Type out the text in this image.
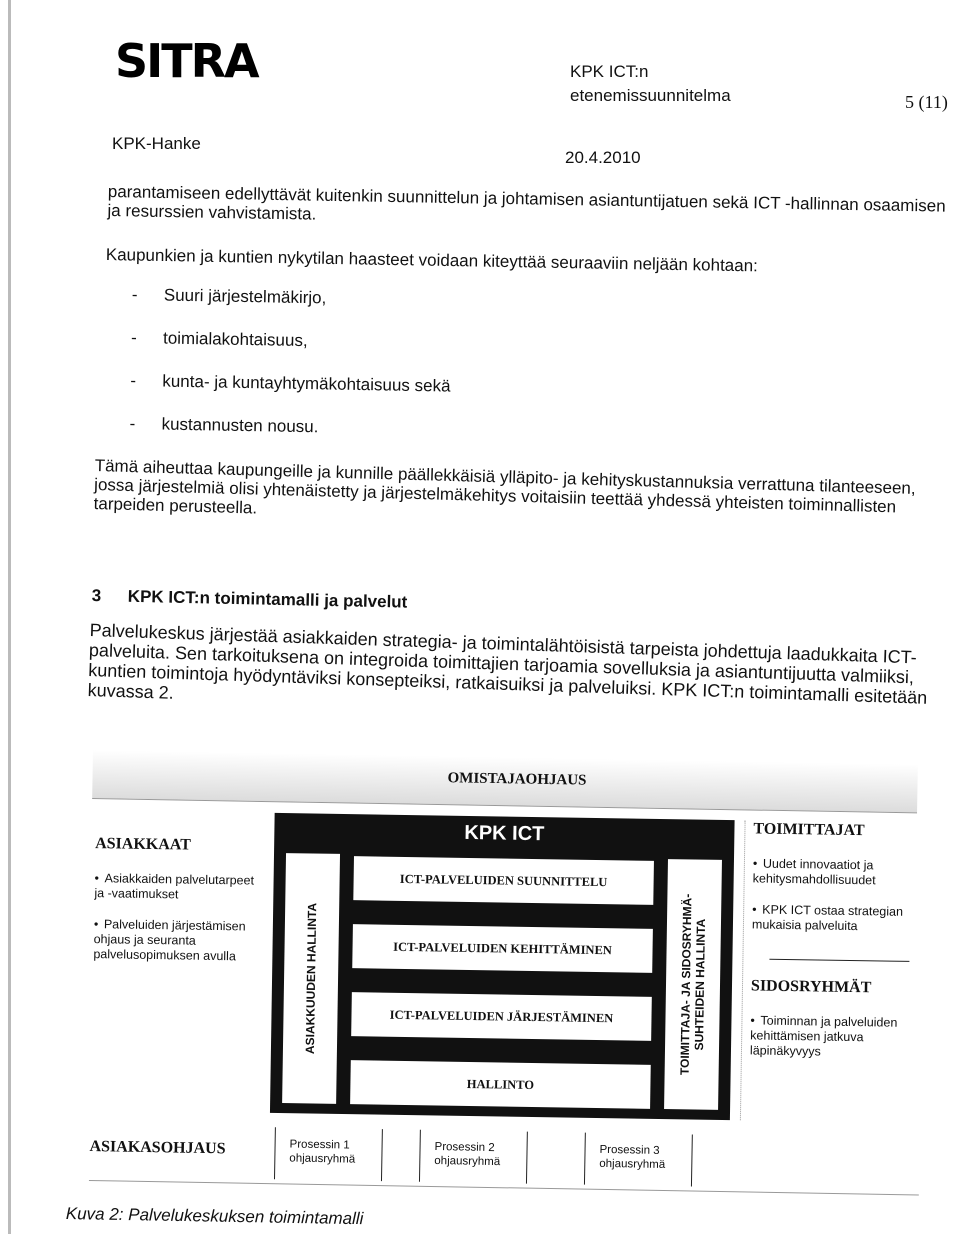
SITRA	KPK ICT:n
etenemissuunnitelma	5 (11)
KPK-Hanke
20.4.2010
parantamiseen edellyttävät kuitenkin suunnittelun ja johtamisen asiantuntijatuen sekä ICT -hallinnan osaamisen ja resurssien vahvistamista.
Kaupunkien ja kuntien nykytilan haasteet voidaan kiteyttää seuraaviin neljään kohtaan:
- Suuri järjestelmäkirjo,
- toimialakohtaisuus,
- kunta- ja kuntayhtymäkohtaisuus sekä
- kustannusten nousu.
Tämä aiheuttaa kaupungeille ja kunnille päällekkäisiä ylläpito- ja kehityskustannuksia verrattuna tilanteeseen, jossa järjestelmiä olisi yhtenäistetty ja järjestelmäkehitys voitaisiin teettää yhdessä yhteisten toiminnallisten tarpeiden perusteella.
3 KPK ICT:n toimintamalli ja palvelut
Palvelukeskus järjestää asiakkaiden strategia- ja toimintalähtöisistä tarpeista johdettuja laadukkaita ICT-palveluita. Sen tarkoituksena on integroida toimittajien tarjoamia sovelluksia ja asiantuntijuutta valmiiksi, kuntien toimintoja hyödyntäviksi konsepteiksi, ratkaisuiksi ja palveluiksi. KPK ICT:n toimintamalli esitetään kuvassa 2.
OMISTAJAOHJAUS
ASIAKKAAT
• Asiakkaiden palvelutarpeet ja -vaatimukset
• Palveluiden järjestämisen ohjaus ja seuranta palvelusopimuksen avulla
KPK ICT
ASIAKKUUDEN HALLINTA
ICT-PALVELUIDEN SUUNNITTELU
ICT-PALVELUIDEN KEHITTÄMINEN
ICT-PALVELUIDEN JÄRJESTÄMINEN
HALLINTO
TOIMITTAJA- JA SIDOSRYHMÄ-
SUHTEIDEN HALLINTA
TOIMITTAJAT
• Uudet innovaatiot ja kehitysmahdollisuudet
• KPK ICT ostaa strategian mukaisia palveluita
SIDOSRYHMÄT
• Toiminnan ja palveluiden kehittämisen jatkuva läpinäkyvyys
ASIAKASOHJAUS	Prosessin 1
ohjausryhmä
Prosessin 2
ohjausryhmä
Prosessin 3
ohjausryhmä
Kuva 2: Palvelukeskuksen toimintamalli
